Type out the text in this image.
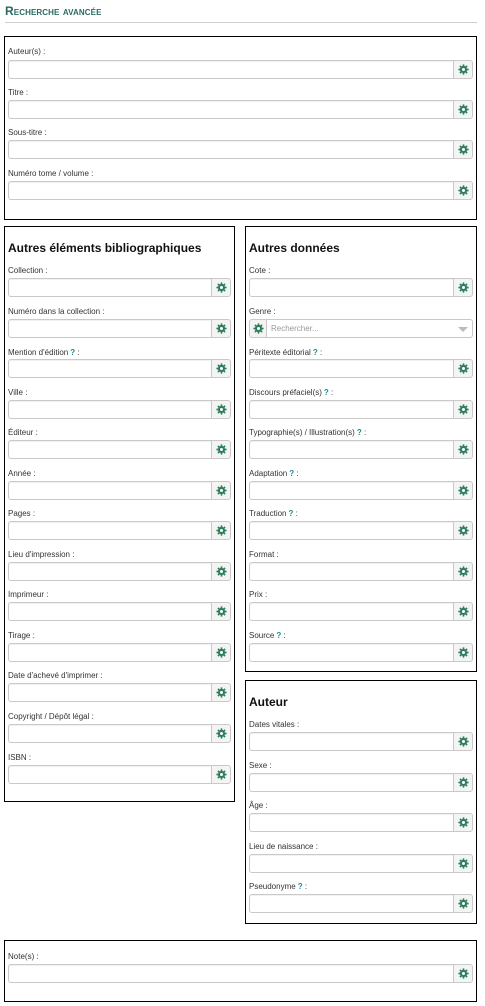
Recherche avancée
Auteur(s) :
Titre :
Sous-titre :
Numéro tome / volume :
Autres éléments bibliographiques
Collection :
Numéro dans la collection :
Mention d'édition ? :
Ville :
Éditeur :
Année :
Pages :
Lieu d'impression :
Imprimeur :
Tirage :
Date d'achevé d'imprimer :
Copyright / Dépôt légal :
ISBN :
Autres données
Cote :
Genre :
Rechercher...
Péritexte éditorial ? :
Discours préfaciel(s) ? :
Typographie(s) / Illustration(s) ? :
Adaptation ? :
Traduction ? :
Format :
Prix :
Source ? :
Auteur
Dates vitales :
Sexe :
Âge :
Lieu de naissance :
Pseudonyme ? :
Note(s) :
